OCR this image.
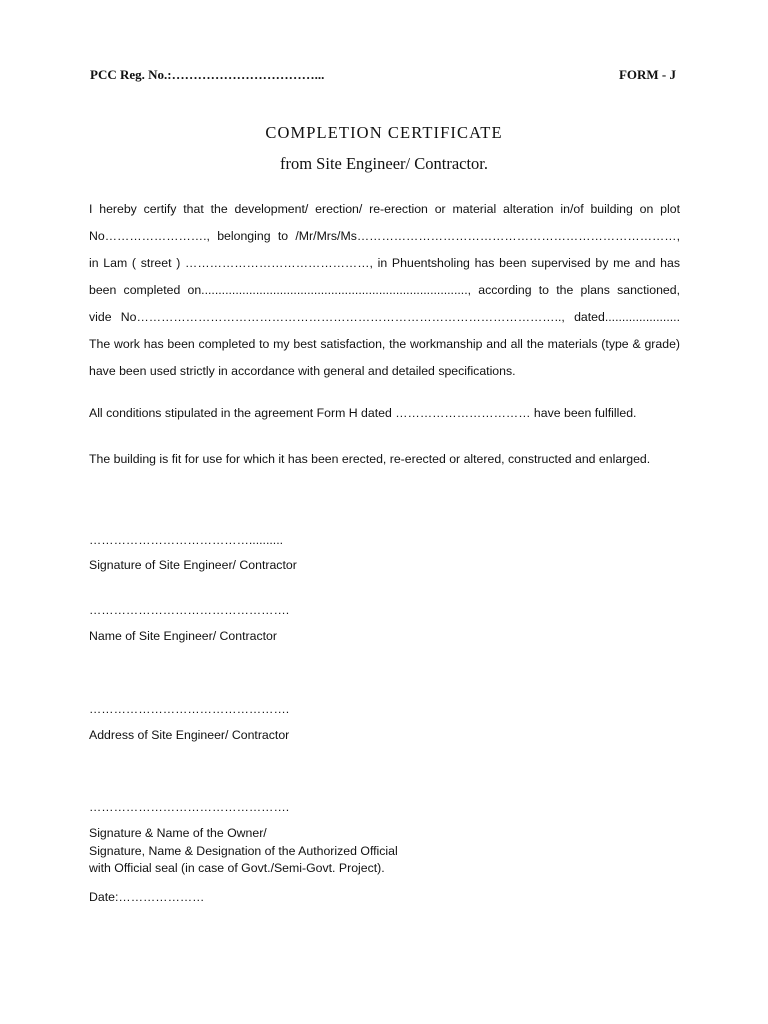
PCC Reg. No.:……………………………...	FORM - J
COMPLETION CERTIFICATE
from Site Engineer/ Contractor.
I hereby certify that the development/ erection/ re-erection or material alteration in/of building on plot
No……………………., belonging to /Mr/Mrs/Ms……………………………………………………………………,
in Lam ( street ) ………………………………………, in Phuentsholing has been supervised by me and has
been completed on.............................................................................., according to the plans sanctioned,
vide No………………………………………………………………………………………….., dated......................
The work has been completed to my best satisfaction, the workmanship and all the materials (type & grade)
have been used strictly in accordance with general and detailed specifications.
All conditions stipulated in the agreement Form H dated …………………………… have been fulfilled.
The building is fit for use for which it has been erected, re-erected or altered, constructed and enlarged.
…………………………………..........
Signature of Site Engineer/ Contractor
………………………………………….
Name of Site Engineer/ Contractor
………………………………………….
Address of Site Engineer/ Contractor
………………………………………….
Signature & Name of the Owner/
Signature, Name & Designation of the Authorized Official
with Official seal (in case of Govt./Semi-Govt. Project).
Date:…………………
